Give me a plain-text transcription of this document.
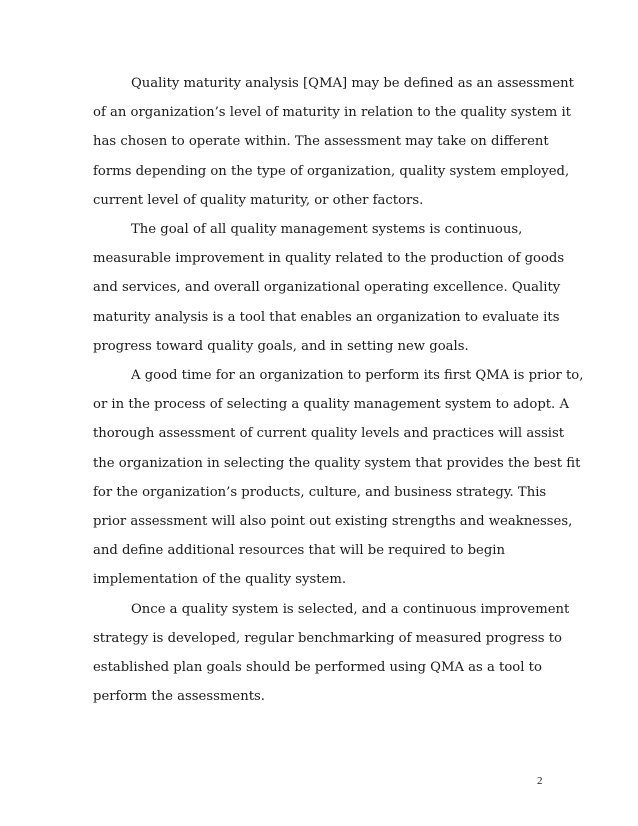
Quality maturity analysis [QMA] may be defined as an assessment
of an organization’s level of maturity in relation to the quality system it
has chosen to operate within. The assessment may take on different
forms depending on the type of organization, quality system employed,
current level of quality maturity, or other factors.
The goal of all quality management systems is continuous,
measurable improvement in quality related to the production of goods
and services, and overall organizational operating excellence. Quality
maturity analysis is a tool that enables an organization to evaluate its
progress toward quality goals, and in setting new goals.
A good time for an organization to perform its first QMA is prior to,
or in the process of selecting a quality management system to adopt. A
thorough assessment of current quality levels and practices will assist
the organization in selecting the quality system that provides the best fit
for the organization’s products, culture, and business strategy. This
prior assessment will also point out existing strengths and weaknesses,
and define additional resources that will be required to begin
implementation of the quality system.
Once a quality system is selected, and a continuous improvement
strategy is developed, regular benchmarking of measured progress to
established plan goals should be performed using QMA as a tool to
perform the assessments.
2
